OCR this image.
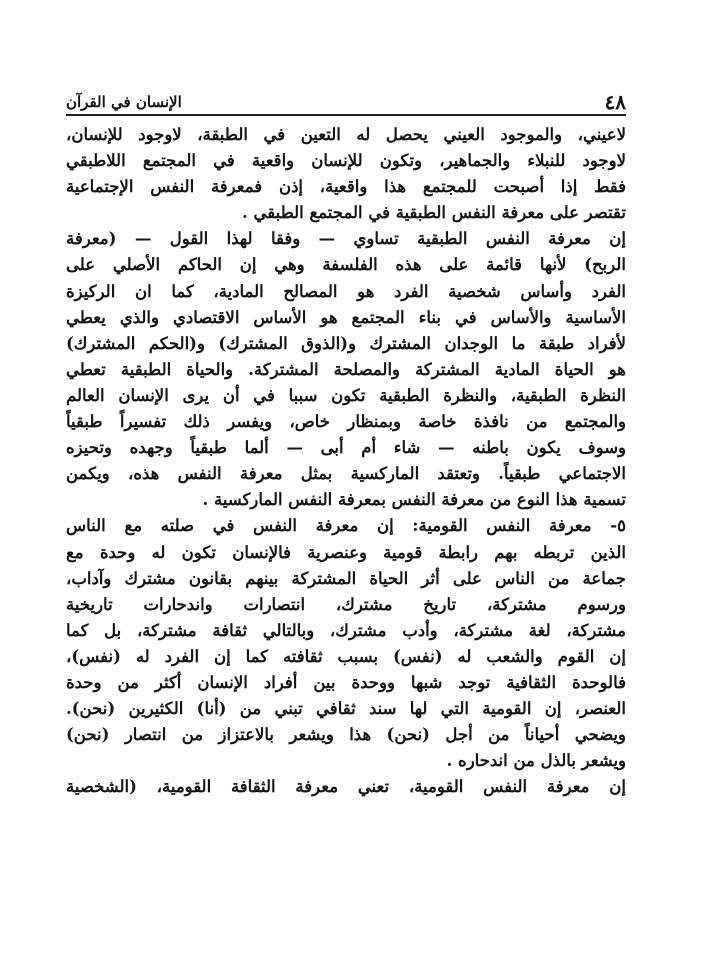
٤٨
الإنسان في القرآن
لاعيني، والموجود العيني يحصل له التعين في الطبقة، لاوجود للإنسان،
لاوجود للنبلاء والجماهير، وتكون للإنسان واقعية في المجتمع اللاطبقي
فقط إذا أصبحت للمجتمع هذا واقعية، إذن فمعرفة النفس الإجتماعية
تقتصر على معرفة النفس الطبقية في المجتمع الطبقي .
إن معرفة النفس الطبقية تساوي — وفقا لهذا القول — (معرفة
الربح) لأنها قائمة على هذه الفلسفة وهي إن الحاكم الأصلي على
الفرد وأساس شخصية الفرد هو المصالح المادية، كما ان الركيزة
الأساسية والأساس في بناء المجتمع هو الأساس الاقتصادي والذي يعطي
لأفراد طبقة ما الوجدان المشترك و(الذوق المشترك) و(الحكم المشترك)
هو الحياة المادية المشتركة والمصلحة المشتركة. والحياة الطبقية تعطي
النظرة الطبقية، والنظرة الطبقية تكون سببا في أن يرى الإنسان العالم
والمجتمع من نافذة خاصة وبمنظار خاص، ويفسر ذلك تفسيراً طبقياً
وسوف يكون باطنه — شاء أم أبى — ألما طبقياً وجهده وتحيزه
الاجتماعي طبقياً. وتعتقد الماركسية بمثل معرفة النفس هذه، ويكمن
تسمية هذا النوع من معرفة النفس بمعرفة النفس الماركسية .
٥- معرفة النفس القومية: إن معرفة النفس في صلته مع الناس
الذين تربطه بهم رابطة قومية وعنصرية فالإنسان تكون له وحدة مع
جماعة من الناس على أثر الحياة المشتركة بينهم بقانون مشترك وآداب،
ورسوم مشتركة، تاريخ مشترك، انتصارات واندحارات تاريخية
مشتركة، لغة مشتركة، وأدب مشترك، وبالتالي ثقافة مشتركة، بل كما
إن القوم والشعب له (نفس) بسبب ثقافته كما إن الفرد له (نفس)،
فالوحدة الثقافية توجد شبها ووحدة بين أفراد الإنسان أكثر من وحدة
العنصر، إن القومية التي لها سند ثقافي تبني من (أنا) الكثيرين (نحن).
ويضحي أحياناً من أجل (نحن) هذا ويشعر بالاعتزاز من انتصار (نحن)
ويشعر بالذل من اندحاره .
إن معرفة النفس القومية، تعني معرفة الثقافة القومية، (الشخصية
